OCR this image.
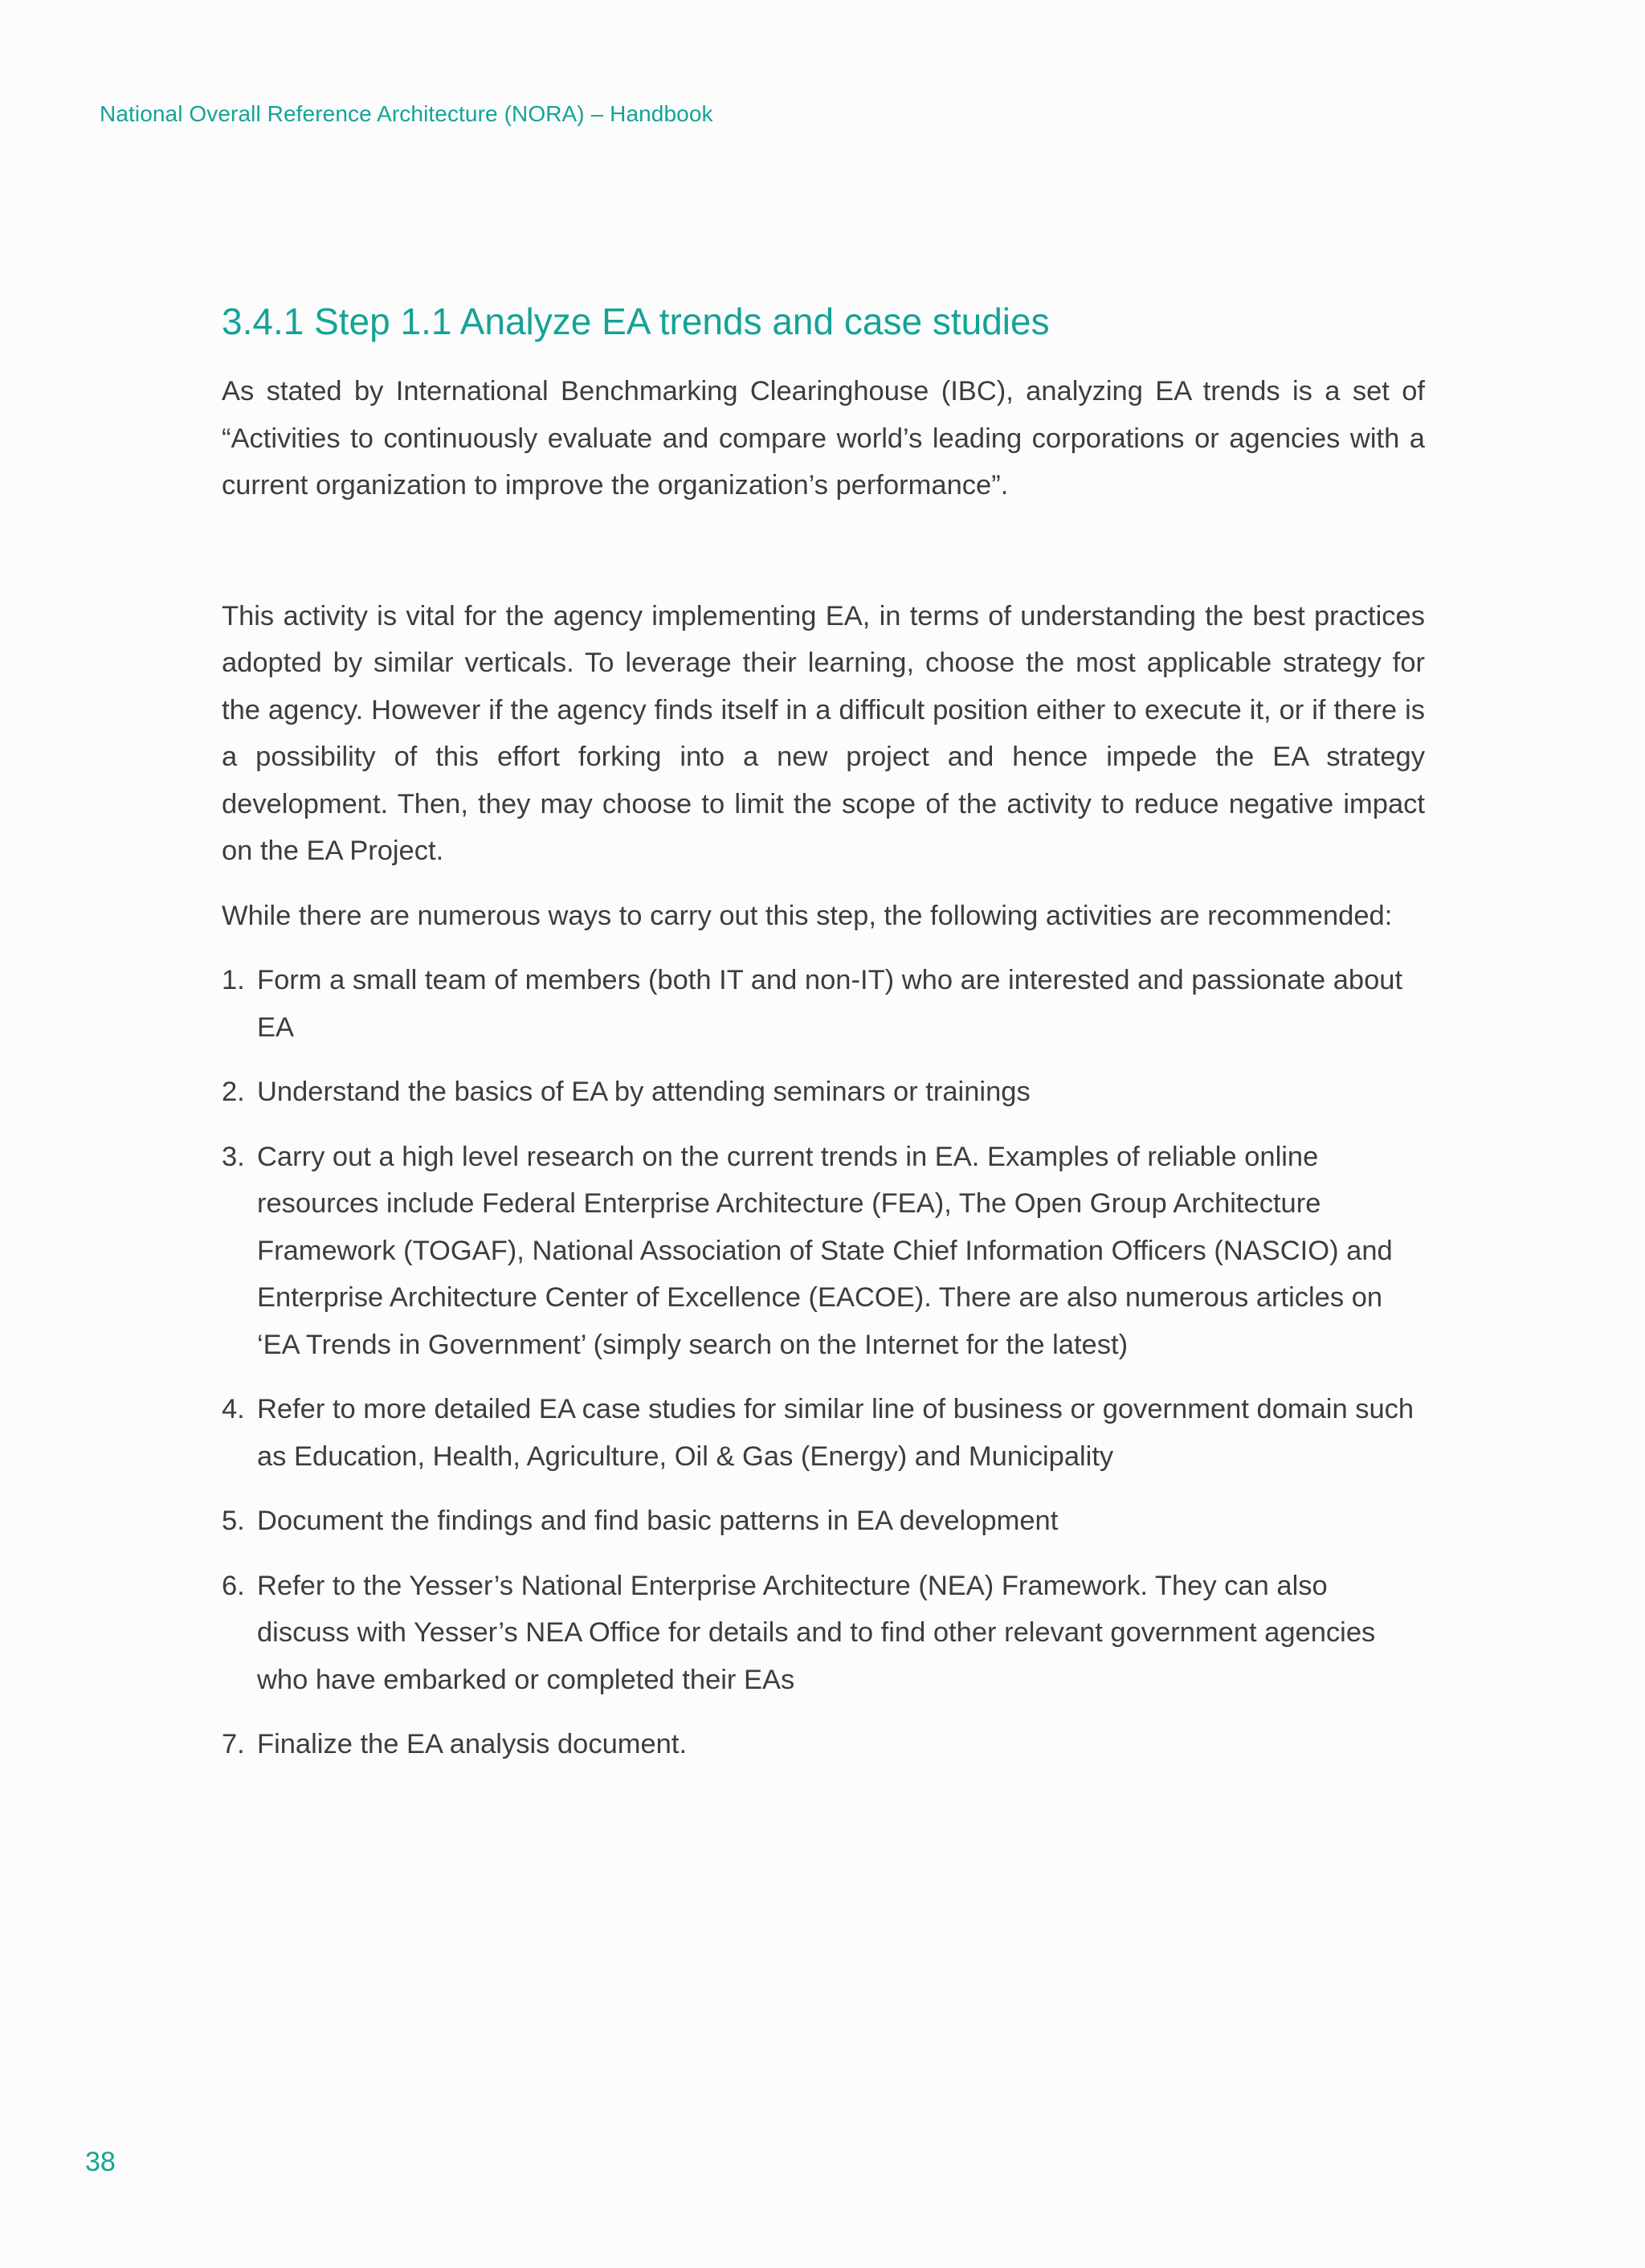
National Overall Reference Architecture (NORA) – Handbook
3.4.1 Step 1.1 Analyze EA trends and case studies

As stated by International Benchmarking Clearinghouse (IBC), analyzing EA trends is a set of “Activities to continuously evaluate and compare world’s leading corporations or agencies with a current organization to improve the organization’s performance”.

This activity is vital for the agency implementing EA, in terms of understanding the best practices adopted by similar verticals. To leverage their learning, choose the most applicable strategy for the agency. However if the agency finds itself in a difficult position either to execute it, or if there is a possibility of this effort forking into a new project and hence impede the EA strategy development. Then, they may choose to limit the scope of the activity to reduce negative impact on the EA Project.

While there are numerous ways to carry out this step, the following activities are recommended:

1. Form a small team of members (both IT and non-IT) who are interested and passionate about EA
2. Understand the basics of EA by attending seminars or trainings
3. Carry out a high level research on the current trends in EA. Examples of reliable online resources include Federal Enterprise Architecture (FEA), The Open Group Architecture Framework (TOGAF), National Association of State Chief Information Officers (NASCIO) and Enterprise Architecture Center of Excellence (EACOE). There are also numerous articles on ‘EA Trends in Government’ (simply search on the Internet for the latest)
4. Refer to more detailed EA case studies for similar line of business or government domain such as Education, Health, Agriculture, Oil & Gas (Energy) and Municipality
5. Document the findings and find basic patterns in EA development
6. Refer to the Yesser’s National Enterprise Architecture (NEA) Framework. They can also discuss with Yesser’s NEA Office for details and to find other relevant government agencies who have embarked or completed their EAs
7. Finalize the EA analysis document.
38
